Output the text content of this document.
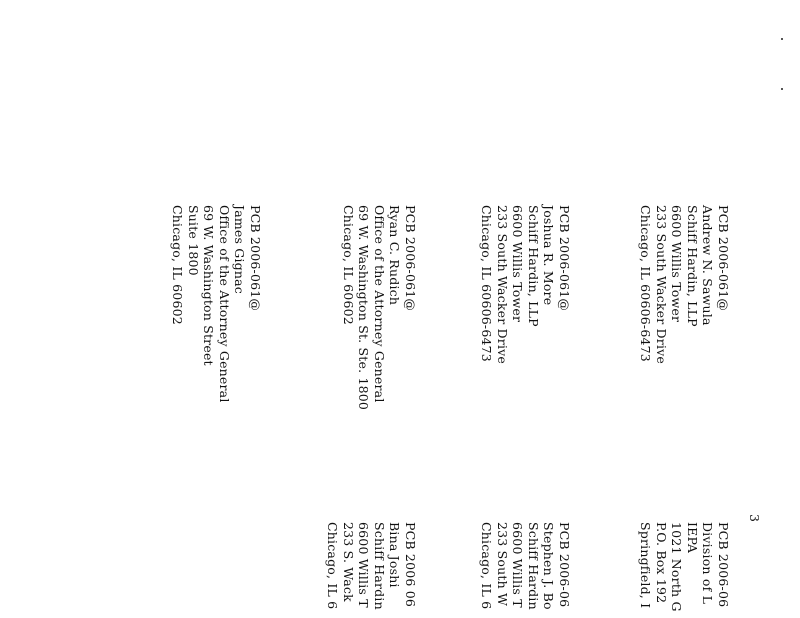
3
PCB 2006-061@
Andrew N. Sawula
Schiff Hardin, LLP
6600 Willis Tower
233 South Wacker Drive
Chicago, IL 60606-6473
PCB 2006-061@
Joshua R. More
Schiff Hardin, LLP
6600 Willis Tower
233 South Wacker Drive
Chicago, IL 60606-6473
PCB 2006-061@
Ryan C. Rudich
Office of the Attorney General
69 W. Washington St. Ste. 1800
Chicago, IL 60602
PCB 2006-061@
James Gignac
Office of the Attorney General
69 W. Washington Street
Suite 1800
Chicago, IL 60602
PCB 2006-06
Division of L
IEPA
1021 North G
P.O. Box 192
Springfield, I
PCB 2006-06
Stephen J. Bo
Schiff Hardin
6600 Willis T
233 South W
Chicago, IL 6
PCB 2006 06
Bina Joshi
Schiff Hardin
6600 Willis T
233 S. Wack
Chicago, IL 6
